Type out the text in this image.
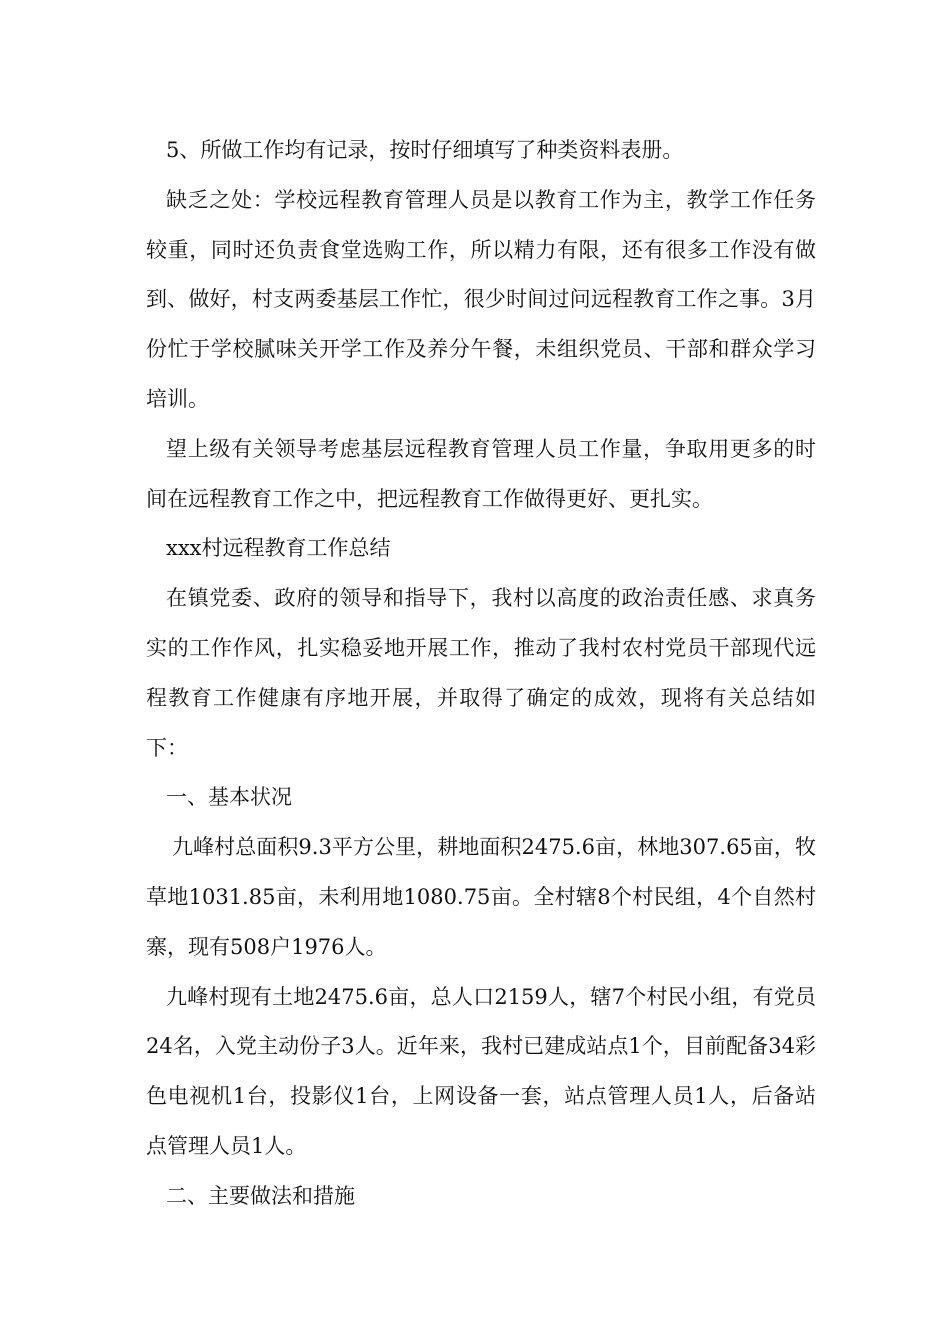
5、所做工作均有记录，按时仔细填写了种类资料表册。

缺乏之处：学校远程教育管理人员是以教育工作为主，教学工作任务较重，同时还负责食堂选购工作，所以精力有限，还有很多工作没有做到、做好，村支两委基层工作忙，很少时间过问远程教育工作之事。3月份忙于学校腻味关开学工作及养分午餐，未组织党员、干部和群众学习培训。

望上级有关领导考虑基层远程教育管理人员工作量，争取用更多的时间在远程教育工作之中，把远程教育工作做得更好、更扎实。

xxx村远程教育工作总结

在镇党委、政府的领导和指导下，我村以高度的政治责任感、求真务实的工作作风，扎实稳妥地开展工作，推动了我村农村党员干部现代远程教育工作健康有序地开展，并取得了确定的成效，现将有关总结如下：

一、基本状况

九峰村总面积9.3平方公里，耕地面积2475.6亩，林地307.65亩，牧草地1031.85亩，未利用地1080.75亩。全村辖8个村民组，4个自然村寨，现有508户1976人。

九峰村现有土地2475.6亩，总人口2159人，辖7个村民小组，有党员24名，入党主动份子3人。近年来，我村已建成站点1个，目前配备34彩色电视机1台，投影仪1台，上网设备一套，站点管理人员1人，后备站点管理人员1人。

二、主要做法和措施
